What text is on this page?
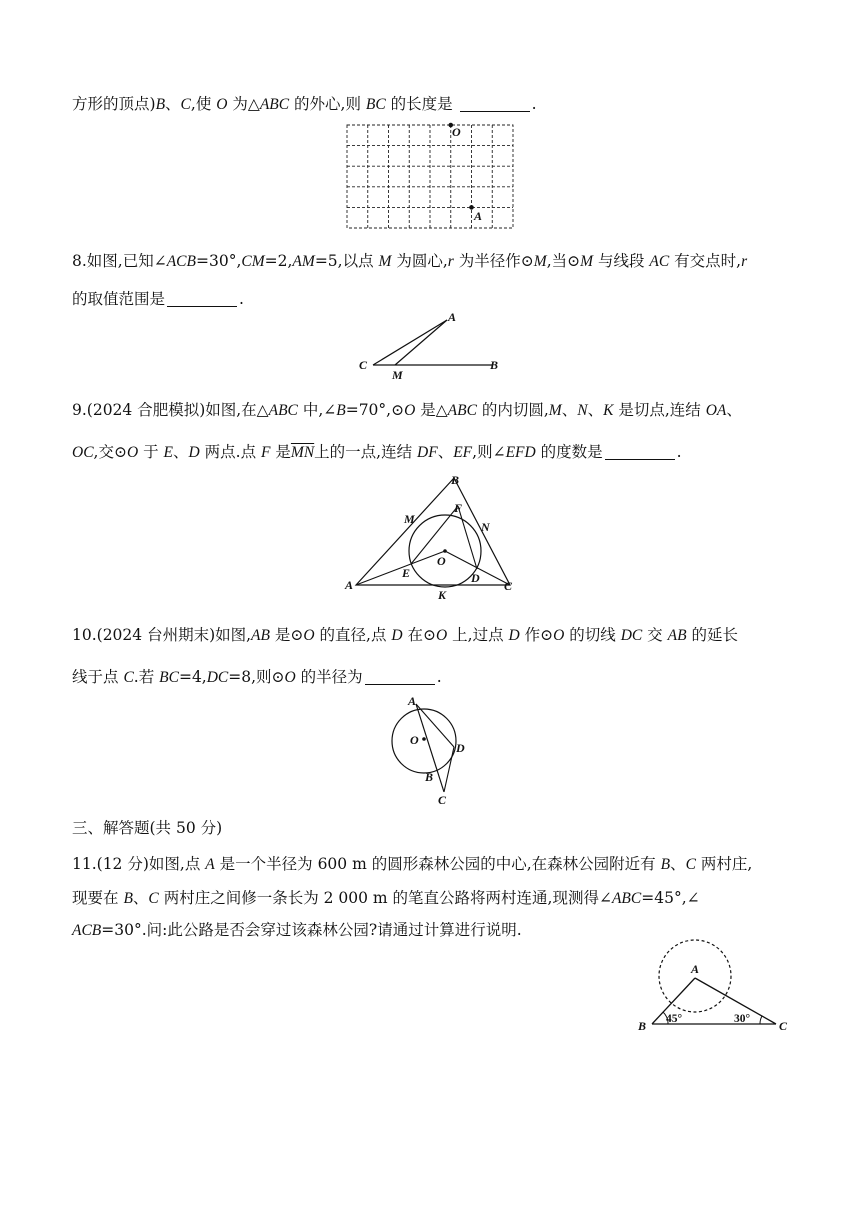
方形的顶点)B、C,使 O 为△ABC 的外心,则 BC 的长度是	.
O
A
8.如图,已知∠ACB=30°,CM=2,AM=5,以点 M 为圆心,r 为半径作⊙M,当⊙M 与线段 AC 有交点时,r
的取值范围是	.
A
C
M
B
9.(2024 合肥模拟)如图,在△ABC 中,∠B=70°,⊙O 是△ABC 的内切圆,M、N、K 是切点,连结 OA、
OC,交⊙O 于 E、D 两点.点 F 是$\overline{MN}$上的一点,连结 DF、EF,则∠EFD 的度数是	.
B
M
F
N
O
E	D
A
K
C
10.(2024 台州期末)如图,AB 是⊙O 的直径,点 D 在⊙O 上,过点 D 作⊙O 的切线 DC 交 AB 的延长
线于点 C.若 BC=4,DC=8,则⊙O 的半径为	.
A
O
D
B
C
三、解答题(共 50 分)
11.(12 分)如图,点 A 是一个半径为 600 m 的圆形森林公园的中心,在森林公园附近有 B、C 两村庄,
现要在 B、C 两村庄之间修一条长为 2 000 m 的笔直公路将两村连通,现测得∠ABC=45°,∠
ACB=30°.问:此公路是否会穿过该森林公园?请通过计算进行说明.
A
B	C
45°	30°
